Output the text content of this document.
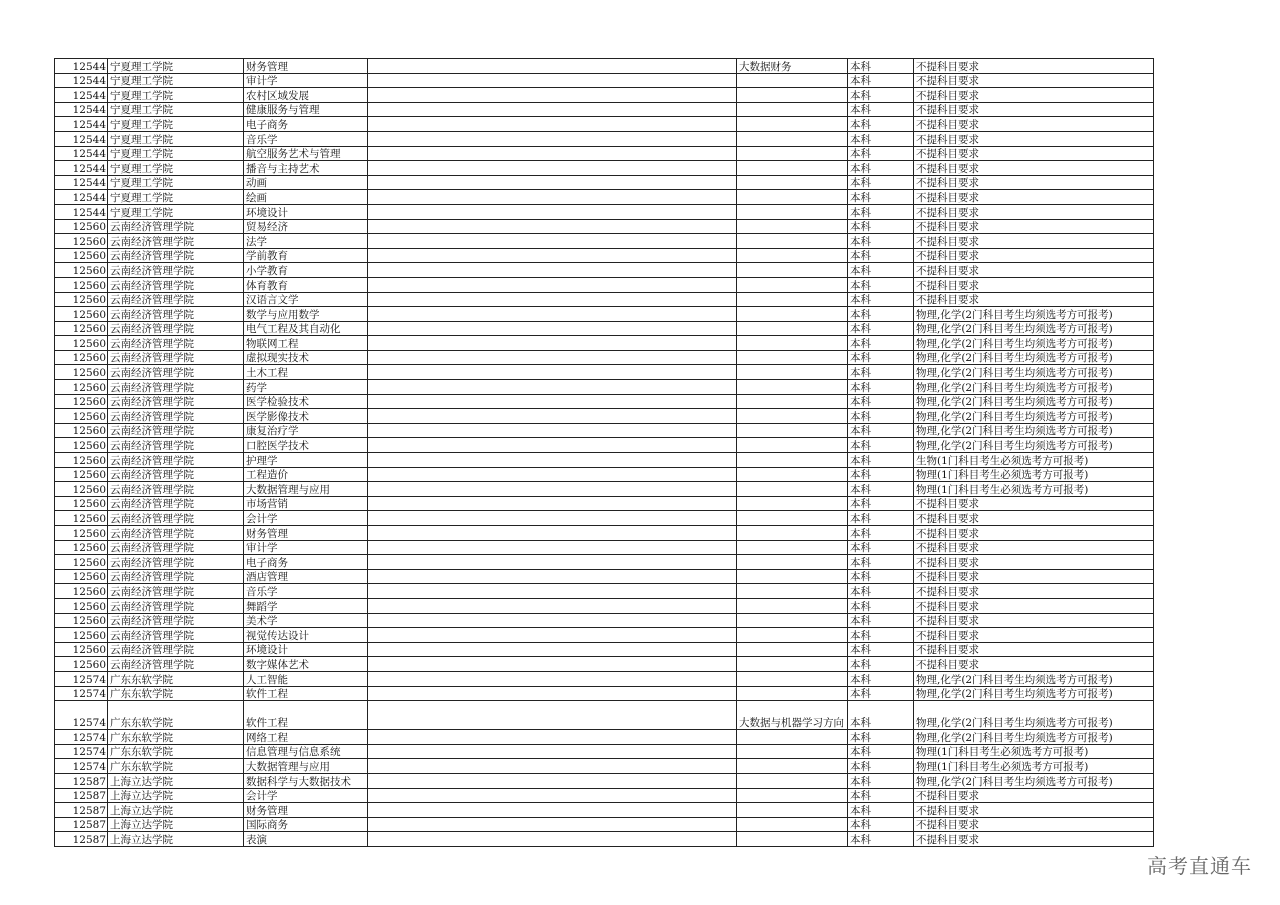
12544	宁夏理工学院	财务管理		大数据财务	本科	不提科目要求
12544	宁夏理工学院	审计学			本科	不提科目要求
12544	宁夏理工学院	农村区域发展			本科	不提科目要求
12544	宁夏理工学院	健康服务与管理			本科	不提科目要求
12544	宁夏理工学院	电子商务			本科	不提科目要求
12544	宁夏理工学院	音乐学			本科	不提科目要求
12544	宁夏理工学院	航空服务艺术与管理			本科	不提科目要求
12544	宁夏理工学院	播音与主持艺术			本科	不提科目要求
12544	宁夏理工学院	动画			本科	不提科目要求
12544	宁夏理工学院	绘画			本科	不提科目要求
12544	宁夏理工学院	环境设计			本科	不提科目要求
12560	云南经济管理学院	贸易经济			本科	不提科目要求
12560	云南经济管理学院	法学			本科	不提科目要求
12560	云南经济管理学院	学前教育			本科	不提科目要求
12560	云南经济管理学院	小学教育			本科	不提科目要求
12560	云南经济管理学院	体育教育			本科	不提科目要求
12560	云南经济管理学院	汉语言文学			本科	不提科目要求
12560	云南经济管理学院	数学与应用数学			本科	物理,化学(2门科目考生均须选考方可报考)
12560	云南经济管理学院	电气工程及其自动化			本科	物理,化学(2门科目考生均须选考方可报考)
12560	云南经济管理学院	物联网工程			本科	物理,化学(2门科目考生均须选考方可报考)
12560	云南经济管理学院	虚拟现实技术			本科	物理,化学(2门科目考生均须选考方可报考)
12560	云南经济管理学院	土木工程			本科	物理,化学(2门科目考生均须选考方可报考)
12560	云南经济管理学院	药学			本科	物理,化学(2门科目考生均须选考方可报考)
12560	云南经济管理学院	医学检验技术			本科	物理,化学(2门科目考生均须选考方可报考)
12560	云南经济管理学院	医学影像技术			本科	物理,化学(2门科目考生均须选考方可报考)
12560	云南经济管理学院	康复治疗学			本科	物理,化学(2门科目考生均须选考方可报考)
12560	云南经济管理学院	口腔医学技术			本科	物理,化学(2门科目考生均须选考方可报考)
12560	云南经济管理学院	护理学			本科	生物(1门科目考生必须选考方可报考)
12560	云南经济管理学院	工程造价			本科	物理(1门科目考生必须选考方可报考)
12560	云南经济管理学院	大数据管理与应用			本科	物理(1门科目考生必须选考方可报考)
12560	云南经济管理学院	市场营销			本科	不提科目要求
12560	云南经济管理学院	会计学			本科	不提科目要求
12560	云南经济管理学院	财务管理			本科	不提科目要求
12560	云南经济管理学院	审计学			本科	不提科目要求
12560	云南经济管理学院	电子商务			本科	不提科目要求
12560	云南经济管理学院	酒店管理			本科	不提科目要求
12560	云南经济管理学院	音乐学			本科	不提科目要求
12560	云南经济管理学院	舞蹈学			本科	不提科目要求
12560	云南经济管理学院	美术学			本科	不提科目要求
12560	云南经济管理学院	视觉传达设计			本科	不提科目要求
12560	云南经济管理学院	环境设计			本科	不提科目要求
12560	云南经济管理学院	数字媒体艺术			本科	不提科目要求
12574	广东东软学院	人工智能			本科	物理,化学(2门科目考生均须选考方可报考)
12574	广东东软学院	软件工程			本科	物理,化学(2门科目考生均须选考方可报考)
12574	广东东软学院	软件工程		大数据与机器学习方向	本科	物理,化学(2门科目考生均须选考方可报考)
12574	广东东软学院	网络工程			本科	物理,化学(2门科目考生均须选考方可报考)
12574	广东东软学院	信息管理与信息系统			本科	物理(1门科目考生必须选考方可报考)
12574	广东东软学院	大数据管理与应用			本科	物理(1门科目考生必须选考方可报考)
12587	上海立达学院	数据科学与大数据技术			本科	物理,化学(2门科目考生均须选考方可报考)
12587	上海立达学院	会计学			本科	不提科目要求
12587	上海立达学院	财务管理			本科	不提科目要求
12587	上海立达学院	国际商务			本科	不提科目要求
12587	上海立达学院	表演			本科	不提科目要求
高考直通车
